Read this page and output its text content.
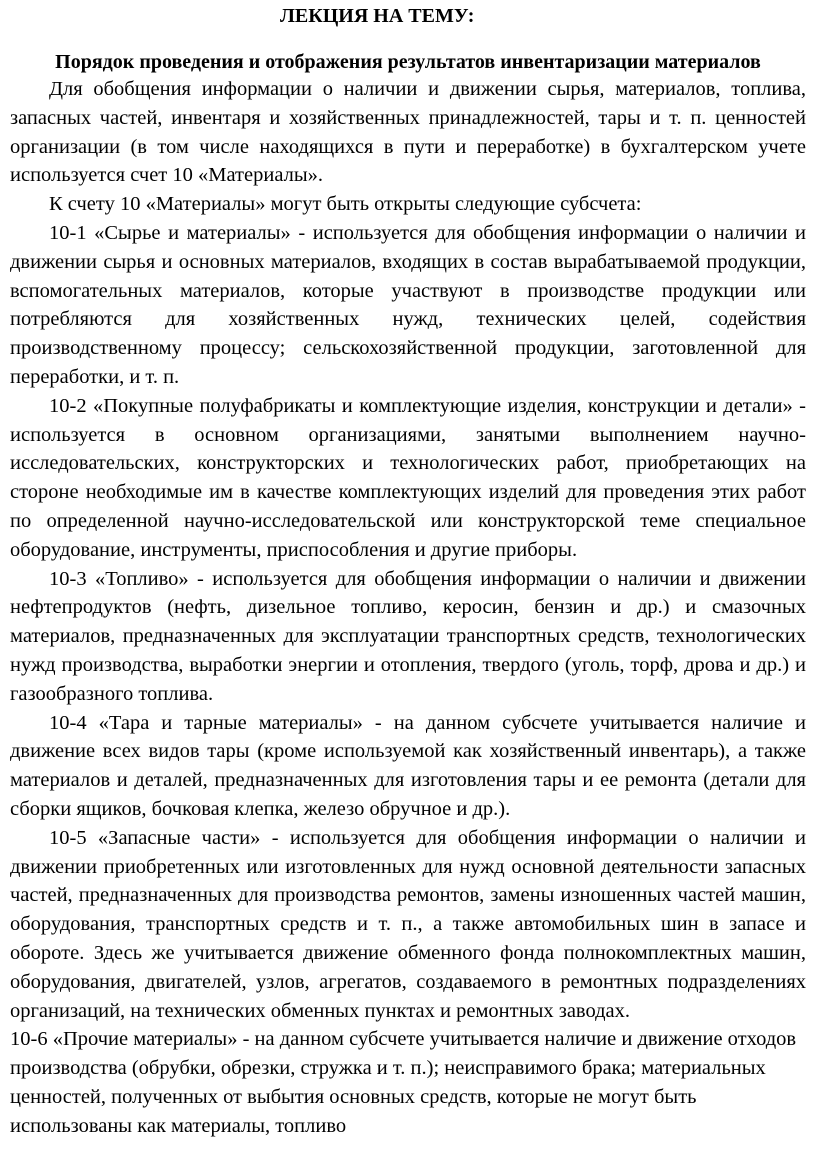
ЛЕКЦИЯ НА ТЕМУ:
Порядок проведения и отображения результатов инвентаризации материалов

Для обобщения информации о наличии и движении сырья, материалов, топлива, запасных частей, инвентаря и хозяйственных принадлежностей, тары и т. п. ценностей организации (в том числе находящихся в пути и переработке) в бухгалтерском учете используется счет 10 «Материалы».

К счету 10 «Материалы» могут быть открыты следующие субсчета:

10-1 «Сырье и материалы» - используется для обобщения информации о наличии и движении сырья и основных материалов, входящих в состав вырабатываемой продукции, вспомогательных материалов, которые участвуют в производстве продукции или потребляются для хозяйственных нужд, технических целей, содействия производственному процессу; сельскохозяйственной продукции, заготовленной для переработки, и т. п.

10-2 «Покупные полуфабрикаты и комплектующие изделия, конструкции и детали» - используется в основном организациями, занятыми выполнением научно-исследовательских, конструкторских и технологических работ, приобретающих на стороне необходимые им в качестве комплектующих изделий для проведения этих работ по определенной научно-исследовательской или конструкторской теме специальное оборудование, инструменты, приспособления и другие приборы.

10-3 «Топливо» - используется для обобщения информации о наличии и движении нефтепродуктов (нефть, дизельное топливо, керосин, бензин и др.) и смазочных материалов, предназначенных для эксплуатации транспортных средств, технологических нужд производства, выработки энергии и отопления, твердого (уголь, торф, дрова и др.) и газообразного топлива.

10-4 «Тара и тарные материалы» - на данном субсчете учитывается наличие и движение всех видов тары (кроме используемой как хозяйственный инвентарь), а также материалов и деталей, предназначенных для изготовления тары и ее ремонта (детали для сборки ящиков, бочковая клепка, железо обручное и др.).

10-5 «Запасные части» - используется для обобщения информации о наличии и движении приобретенных или изготовленных для нужд основной деятельности запасных частей, предназначенных для производства ремонтов, замены изношенных частей машин, оборудования, транспортных средств и т. п., а также автомобильных шин в запасе и обороте. Здесь же учитывается движение обменного фонда полнокомплектных машин, оборудования, двигателей, узлов, агрегатов, создаваемого в ремонтных подразделениях организаций, на технических обменных пунктах и ремонтных заводах.

10-6 «Прочие материалы» - на данном субсчете учитывается наличие и движение отходов производства (обрубки, обрезки, стружка и т. п.); неисправимого брака; материальных ценностей, полученных от выбытия основных средств, которые не могут быть использованы как материалы, топливо
